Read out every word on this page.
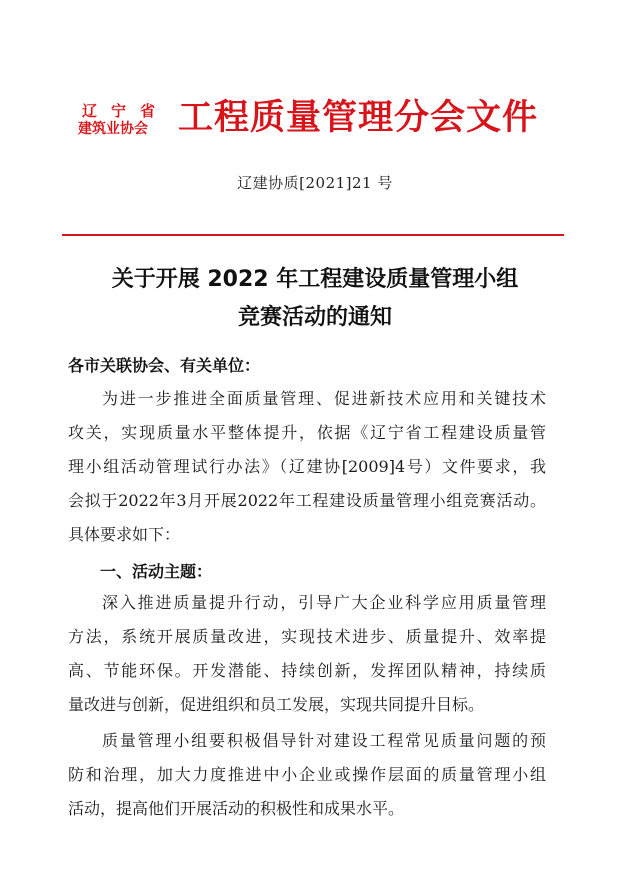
辽宁省
建筑业协会 工程质量管理分会文件
辽建协质[2021]21 号
关于开展 2022 年工程建设质量管理小组
竞赛活动的通知
各市关联协会、有关单位：
为进一步推进全面质量管理、促进新技术应用和关键技术
攻关，实现质量水平整体提升，依据《辽宁省工程建设质量管
理小组活动管理试行办法》（辽建协[2009]4号）文件要求，我
会拟于2022年3月开展2022年工程建设质量管理小组竞赛活动。
具体要求如下：
一、活动主题：
深入推进质量提升行动，引导广大企业科学应用质量管理
方法，系统开展质量改进，实现技术进步、质量提升、效率提
高、节能环保。开发潜能、持续创新，发挥团队精神，持续质
量改进与创新，促进组织和员工发展，实现共同提升目标。
质量管理小组要积极倡导针对建设工程常见质量问题的预
防和治理，加大力度推进中小企业或操作层面的质量管理小组
活动，提高他们开展活动的积极性和成果水平。
